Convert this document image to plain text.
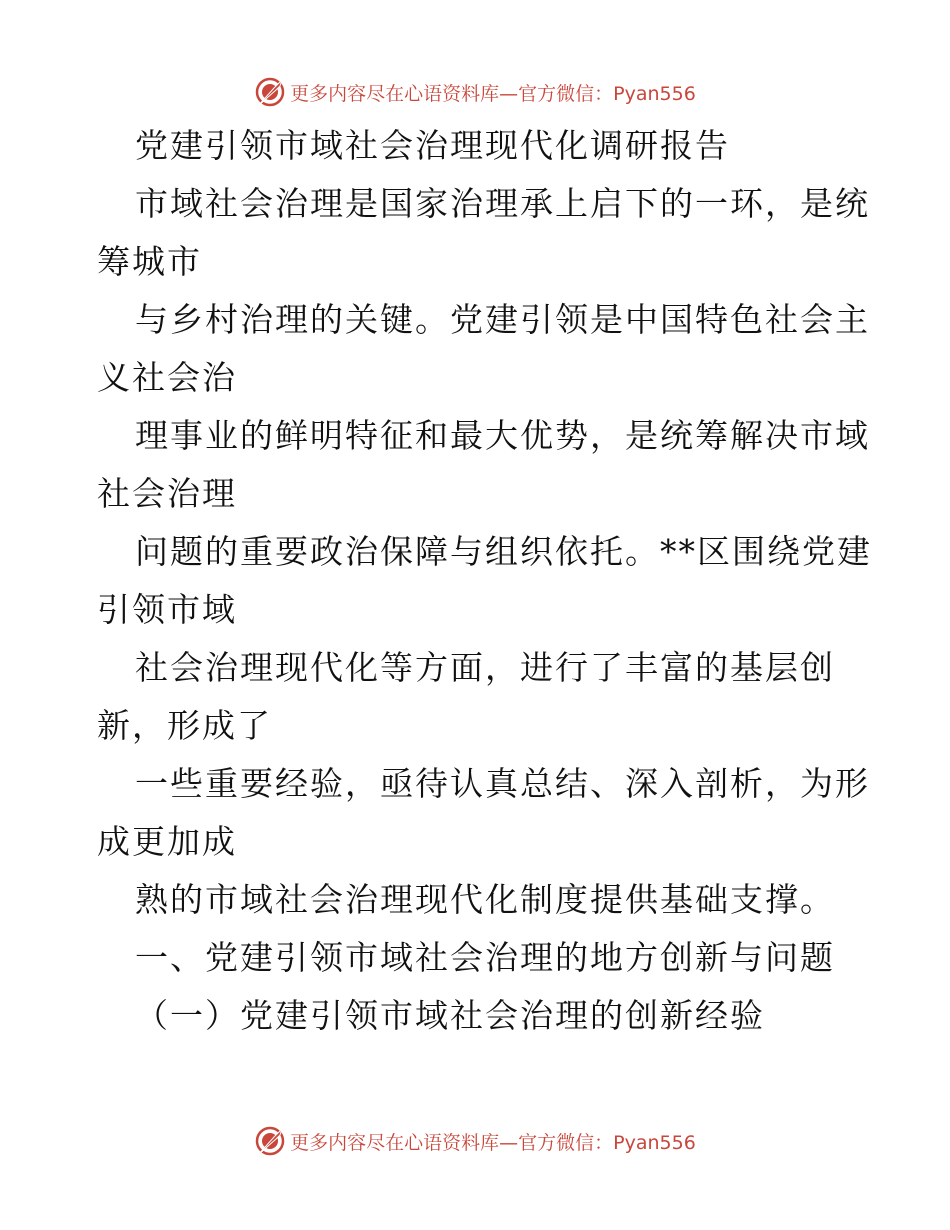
更多内容尽在心语资料库—官方微信：Pyan556
党建引领市域社会治理现代化调研报告
市域社会治理是国家治理承上启下的一环，是统
筹城市
与乡村治理的关键。党建引领是中国特色社会主
义社会治
理事业的鲜明特征和最大优势，是统筹解决市域
社会治理
问题的重要政治保障与组织依托。**区围绕党建
引领市域
社会治理现代化等方面，进行了丰富的基层创
新，形成了
一些重要经验，亟待认真总结、深入剖析，为形
成更加成
熟的市域社会治理现代化制度提供基础支撑。
一、党建引领市域社会治理的地方创新与问题
（一）党建引领市域社会治理的创新经验
更多内容尽在心语资料库—官方微信：Pyan556
